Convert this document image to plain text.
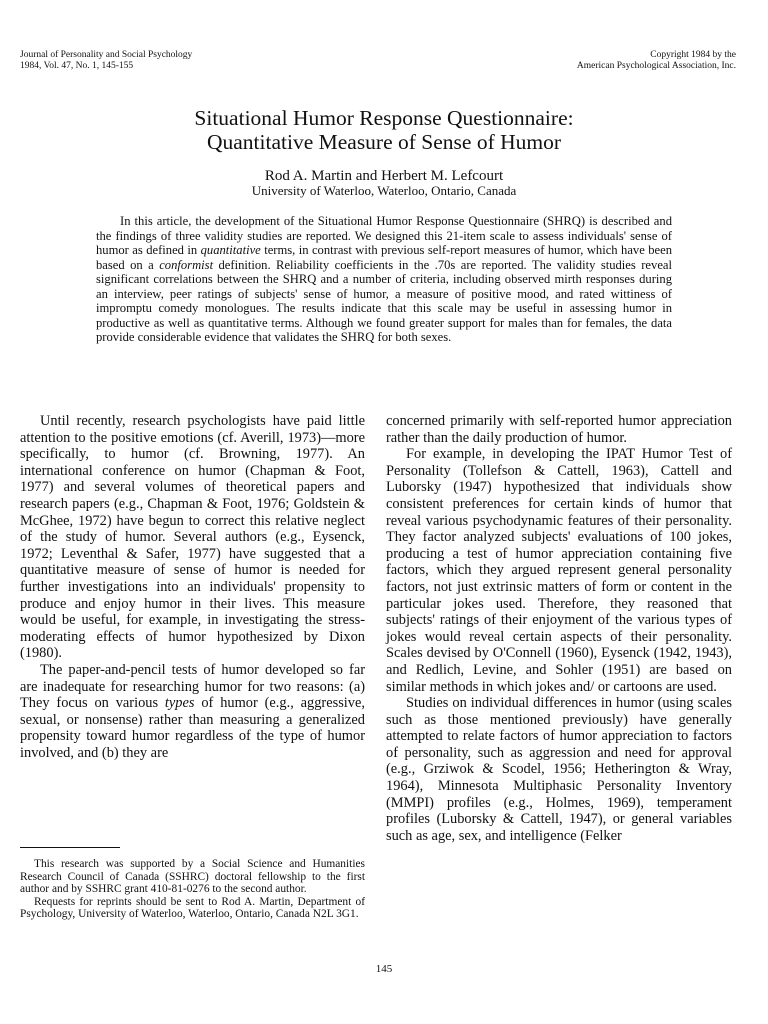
Journal of Personality and Social Psychology
1984, Vol. 47, No. 1, 145-155
Copyright 1984 by the
American Psychological Association, Inc.
Situational Humor Response Questionnaire:
Quantitative Measure of Sense of Humor
Rod A. Martin and Herbert M. Lefcourt
University of Waterloo, Waterloo, Ontario, Canada

In this article, the development of the Situational Humor Response Questionnaire (SHRQ) is described and the findings of three validity studies are reported. We designed this 21-item scale to assess individuals' sense of humor as defined in quantitative terms, in contrast with previous self-report measures of humor, which have been based on a conformist definition. Reliability coefficients in the .70s are reported. The validity studies reveal significant correlations between the SHRQ and a number of criteria, including observed mirth responses during an interview, peer ratings of subjects' sense of humor, a measure of positive mood, and rated wittiness of impromptu comedy monologues. The results indicate that this scale may be useful in assessing humor in productive as well as quantitative terms. Although we found greater support for males than for females, the data provide considerable evidence that validates the SHRQ for both sexes.

Until recently, research psychologists have paid little attention to the positive emotions (cf. Averill, 1973)—more specifically, to humor (cf. Browning, 1977). An international conference on humor (Chapman & Foot, 1977) and several volumes of theoretical papers and research papers (e.g., Chapman & Foot, 1976; Goldstein & McGhee, 1972) have begun to correct this relative neglect of the study of humor. Several authors (e.g., Eysenck, 1972; Leventhal & Safer, 1977) have suggested that a quantitative measure of sense of humor is needed for further investigations into an individuals' propensity to produce and enjoy humor in their lives. This measure would be useful, for example, in investigating the stress-moderating effects of humor hypothesized by Dixon (1980).

The paper-and-pencil tests of humor developed so far are inadequate for researching humor for two reasons: (a) They focus on various types of humor (e.g., aggressive, sexual, or nonsense) rather than measuring a generalized propensity toward humor regardless of the type of humor involved, and (b) they are

concerned primarily with self-reported humor appreciation rather than the daily production of humor.

For example, in developing the IPAT Humor Test of Personality (Tollefson & Cattell, 1963), Cattell and Luborsky (1947) hypothesized that individuals show consistent preferences for certain kinds of humor that reveal various psychodynamic features of their personality. They factor analyzed subjects' evaluations of 100 jokes, producing a test of humor appreciation containing five factors, which they argued represent general personality factors, not just extrinsic matters of form or content in the particular jokes used. Therefore, they reasoned that subjects' ratings of their enjoyment of the various types of jokes would reveal certain aspects of their personality. Scales devised by O'Connell (1960), Eysenck (1942, 1943), and Redlich, Levine, and Sohler (1951) are based on similar methods in which jokes and/ or cartoons are used.

Studies on individual differences in humor (using scales such as those mentioned previously) have generally attempted to relate factors of humor appreciation to factors of personality, such as aggression and need for approval (e.g., Grziwok & Scodel, 1956; Hetherington & Wray, 1964), Minnesota Multiphasic Personality Inventory (MMPI) profiles (e.g., Holmes, 1969), temperament profiles (Luborsky & Cattell, 1947), or general variables such as age, sex, and intelligence (Felker

This research was supported by a Social Science and Humanities Research Council of Canada (SSHRC) doctoral fellowship to the first author and by SSHRC grant 410-81-0276 to the second author.

Requests for reprints should be sent to Rod A. Martin, Department of Psychology, University of Waterloo, Waterloo, Ontario, Canada N2L 3G1.

145
